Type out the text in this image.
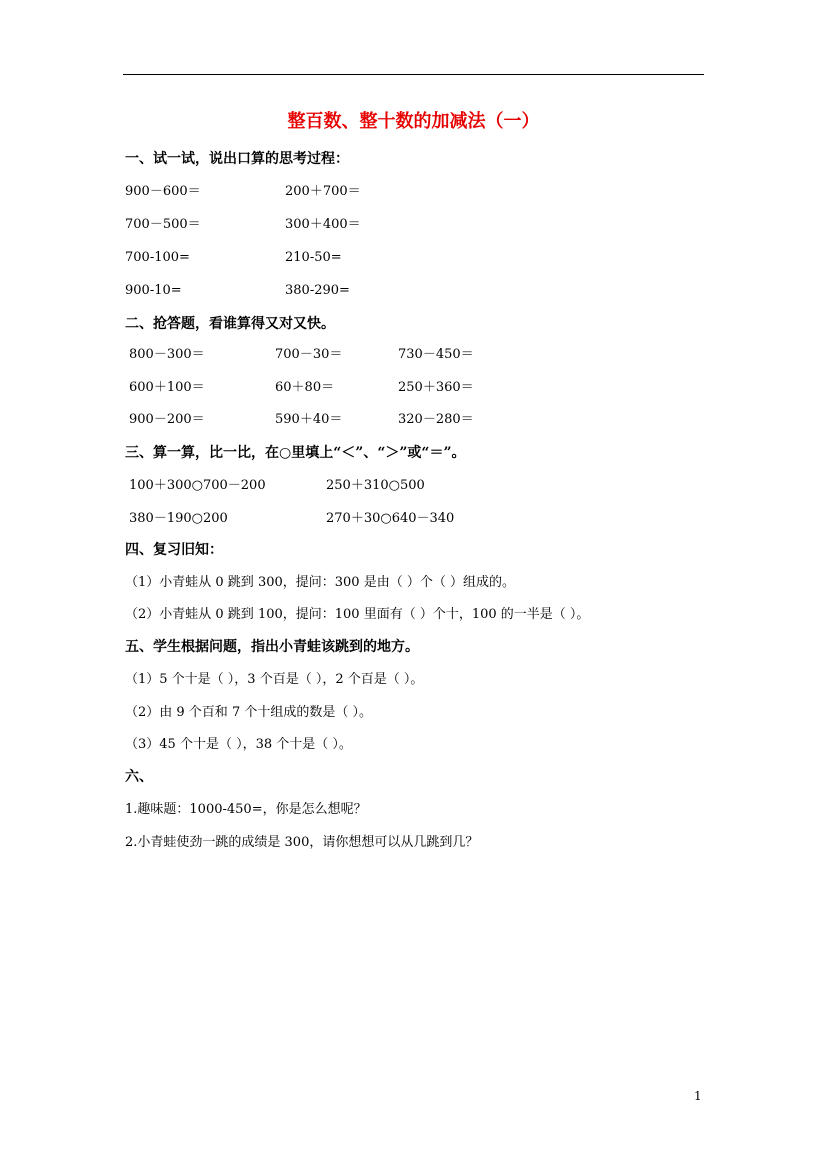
整百数、整十数的加减法（一）
一、试一试，说出口算的思考过程：
900－600＝	200＋700＝
700－500＝	300＋400＝
700-100=	210-50=
900-10=	380-290=
二、抢答题，看谁算得又对又快。
800－300＝	700－30＝	730－450＝
600＋100＝	60＋80＝	250＋360＝
900－200＝	590＋40＝	320－280＝
三、算一算，比一比，在○里填上“＜”、“＞”或“＝”。
100＋300○700－200	250＋310○500
380－190○200	270＋30○640－340
四、复习旧知：
（1）小青蛙从 0 跳到 300，提问：300 是由（ ）个（ ）组成的。
（2）小青蛙从 0 跳到 100，提问：100 里面有（ ）个十，100 的一半是（ ）。
五、学生根据问题，指出小青蛙该跳到的地方。
（1）5 个十是（ ），3 个百是（ ），2 个百是（ ）。
（2）由 9 个百和 7 个十组成的数是（ ）。
（3）45 个十是（ ），38 个十是（ ）。
六、
1.趣味题：1000-450=，你是怎么想呢？
2.小青蛙使劲一跳的成绩是 300，请你想想可以从几跳到几？
1
